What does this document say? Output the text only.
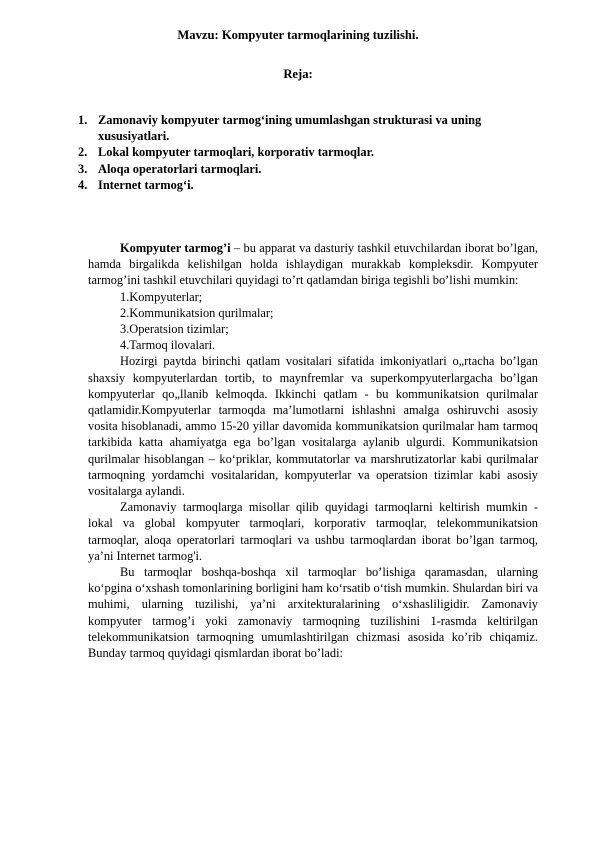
Mavzu: Kompyuter tarmoqlarining tuzilishi.
Reja:
1. Zamonaviy kompyuter tarmog‘ining umumlashgan strukturasi va uning xususiyatlari.
2. Lokal kompyuter tarmoqlari, korporativ tarmoqlar.
3. Aloqa operatorlari tarmoqlari.
4. Internet tarmog‘i.

Kompyuter tarmog’i – bu apparat va dasturiy tashkil etuvchilardan iborat bo’lgan, hamda birgalikda kelishilgan holda ishlaydigan murakkab kompleksdir. Kompyuter tarmog’ini tashkil etuvchilari quyidagi to’rt qatlamdan biriga tegishli bo’lishi mumkin:

1.Kompyuterlar;

2.Kommunikatsion qurilmalar;

3.Operatsion tizimlar;

4.Tarmoq ilovalari.

Hozirgi paytda birinchi qatlam vositalari sifatida imkoniyatlari o„rtacha bo’lgan shaxsiy kompyuterlardan tortib, to maynfremlar va superkompyuterlargacha bo’lgan kompyuterlar qo„llanib kelmoqda. Ikkinchi qatlam - bu kommunikatsion qurilmalar qatlamidir.Kompyuterlar tarmoqda ma’lumotlarni ishlashni amalga oshiruvchi asosiy vosita hisoblanadi, ammo 15-20 yillar davomida kommunikatsion qurilmalar ham tarmoq tarkibida katta ahamiyatga ega bo’lgan vositalarga aylanib ulgurdi. Kommunikatsion qurilmalar hisoblangan – ko‘priklar, kommutatorlar va marshrutizatorlar kabi qurilmalar tarmoqning yordamchi vositalaridan, kompyuterlar va operatsion tizimlar kabi asosiy vositalarga aylandi.

Zamonaviy tarmoqlarga misollar qilib quyidagi tarmoqlarni keltirish mumkin - lokal va global kompyuter tarmoqlari, korporativ tarmoqlar, telekommunikatsion tarmoqlar, aloqa operatorlari tarmoqlari va ushbu tarmoqlardan iborat bo’lgan tarmoq, ya’ni Internet tarmog'i.

Bu tarmoqlar boshqa-boshqa xil tarmoqlar bo’lishiga qaramasdan, ularning ko‘pgina o‘xshash tomonlarining borligini ham ko‘rsatib o‘tish mumkin. Shulardan biri va muhimi, ularning tuzilishi, ya’ni arxitekturalarining o‘xshasliligidir. Zamonaviy kompyuter tarmog’i yoki zamonaviy tarmoqning tuzilishini 1-rasmda keltirilgan telekommunikatsion tarmoqning umumlashtirilgan chizmasi asosida ko’rib chiqamiz. Bunday tarmoq quyidagi qismlardan iborat bo’ladi:
